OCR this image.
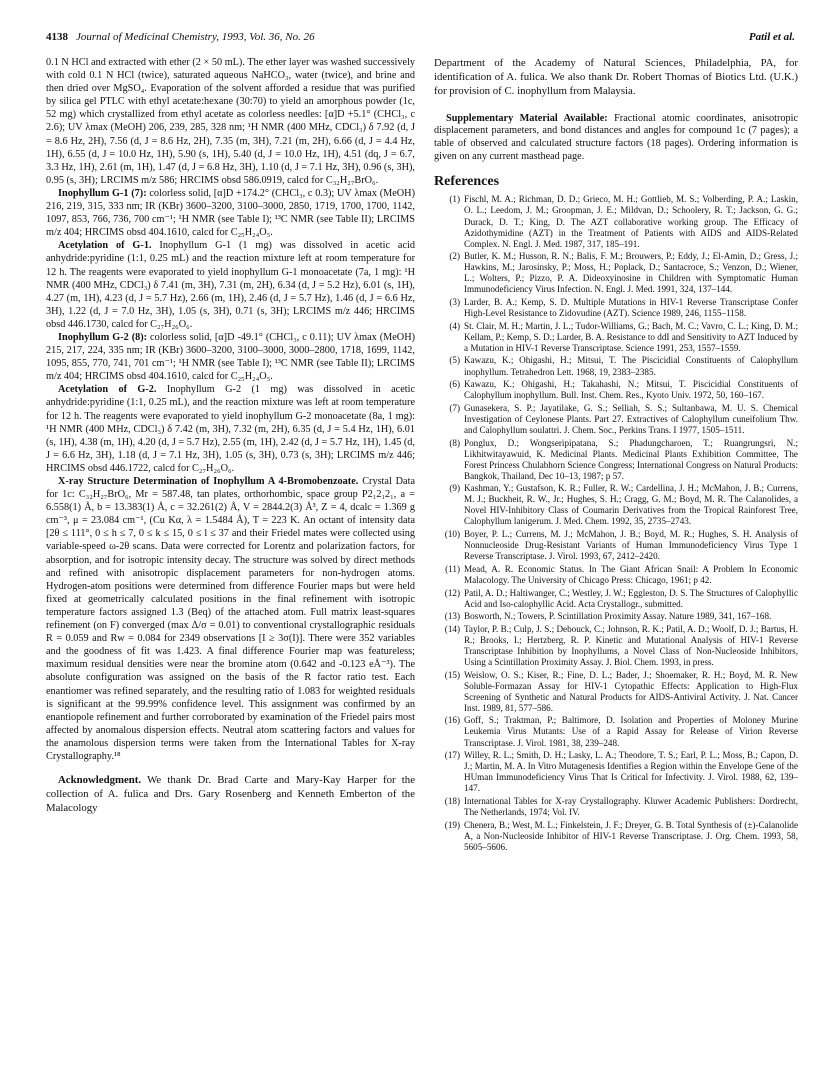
4138 Journal of Medicinal Chemistry, 1993, Vol. 36, No. 26	Patil et al.

0.1 N HCl and extracted with ether (2 × 50 mL). The ether layer was washed successively with cold 0.1 N HCl (twice), saturated aqueous NaHCO₃, water (twice), and brine and then dried over MgSO₄. Evaporation of the solvent afforded a residue that was purified by silica gel PTLC with ethyl acetate:hexane (30:70) to yield an amorphous powder (1c, 52 mg) which crystallized from ethyl acetate as colorless needles: [α]D +5.1° (CHCl₃, c 2.6); UV λmax (MeOH) 206, 239, 285, 328 nm; ¹H NMR (400 MHz, CDCl₃) δ 7.92 (d, J = 8.6 Hz, 2H), 7.56 (d, J = 8.6 Hz, 2H), 7.35 (m, 3H), 7.21 (m, 2H), 6.66 (d, J = 4.4 Hz, 1H), 6.55 (d, J = 10.0 Hz, 1H), 5.90 (s, 1H), 5.40 (d, J = 10.0 Hz, 1H), 4.51 (dq, J = 6.7, 3.3 Hz, 1H), 2.61 (m, 1H), 1.47 (d, J = 6.8 Hz, 3H), 1.10 (d, J = 7.1 Hz, 3H), 0.96 (s, 3H), 0.95 (s, 3H); LRCIMS m/z 586; HRCIMS obsd 586.0919, calcd for C₃₂H₂₇BrO₆.

Inophyllum G-1 (7): colorless solid, [α]D +174.2° (CHCl₃, c 0.3); UV λmax (MeOH) 216, 219, 315, 333 nm; IR (KBr) 3600–3200, 3100–3000, 2850, 1719, 1700, 1700, 1142, 1097, 853, 766, 736, 700 cm⁻¹; ¹H NMR (see Table I); ¹³C NMR (see Table II); LRCIMS m/z 404; HRCIMS obsd 404.1610, calcd for C₂₅H₂₄O₅.

Acetylation of G-1. Inophyllum G-1 (1 mg) was dissolved in acetic acid anhydride:pyridine (1:1, 0.25 mL) and the reaction mixture left at room temperature for 12 h. The reagents were evaporated to yield inophyllum G-1 monoacetate (7a, 1 mg): ¹H NMR (400 MHz, CDCl₃) δ 7.41 (m, 3H), 7.31 (m, 2H), 6.34 (d, J = 5.2 Hz), 6.01 (s, 1H), 4.27 (m, 1H), 4.23 (d, J = 5.7 Hz), 2.66 (m, 1H), 2.46 (d, J = 5.7 Hz), 1.46 (d, J = 6.6 Hz, 3H), 1.22 (d, J = 7.0 Hz, 3H), 1.05 (s, 3H), 0.71 (s, 3H); LRCIMS m/z 446; HRCIMS obsd 446.1730, calcd for C₂₇H₂₆O₆.

Inophyllum G-2 (8): colorless solid, [α]D -49.1° (CHCl₃, c 0.11); UV λmax (MeOH) 215, 217, 224, 335 nm; IR (KBr) 3600–3200, 3100–3000, 3000–2800, 1718, 1699, 1142, 1095, 855, 770, 741, 701 cm⁻¹; ¹H NMR (see Table I); ¹³C NMR (see Table II); LRCIMS m/z 404; HRCIMS obsd 404.1610, calcd for C₂₅H₂₄O₅.

Acetylation of G-2. Inophyllum G-2 (1 mg) was dissolved in acetic anhydride:pyridine (1:1, 0.25 mL), and the reaction mixture was left at room temperature for 12 h. The reagents were evaporated to yield inophyllum G-2 monoacetate (8a, 1 mg): ¹H NMR (400 MHz, CDCl₃) δ 7.42 (m, 3H), 7.32 (m, 2H), 6.35 (d, J = 5.4 Hz, 1H), 6.01 (s, 1H), 4.38 (m, 1H), 4.20 (d, J = 5.7 Hz), 2.55 (m, 1H), 2.42 (d, J = 5.7 Hz, 1H), 1.45 (d, J = 6.6 Hz, 3H), 1.18 (d, J = 7.1 Hz, 3H), 1.05 (s, 3H), 0.73 (s, 3H); LRCIMS m/z 446; HRCIMS obsd 446.1722, calcd for C₂₇H₂₆O₆.

X-ray Structure Determination of Inophyllum A 4-Bromobenzoate. Crystal Data for 1c: C₃₂H₂₇BrO₆, Mr = 587.48, tan plates, orthorhombic, space group P2₁2₁2₁, a = 6.558(1) Å, b = 13.383(1) Å, c = 32.261(2) Å, V = 2844.2(3) Å³, Z = 4, dcalc = 1.369 g cm⁻³, μ = 23.084 cm⁻¹, (Cu Kα, λ = 1.5484 Å), T = 223 K. An octant of intensity data [2θ ≤ 111°, 0 ≤ h ≤ 7, 0 ≤ k ≤ 15, 0 ≤ l ≤ 37 and their Friedel mates were collected using variable-speed ω-2θ scans. Data were corrected for Lorentz and polarization factors, for absorption, and for isotropic intensity decay. The structure was solved by direct methods and refined with anisotropic displacement parameters for non-hydrogen atoms. Hydrogen-atom positions were determined from difference Fourier maps but were held fixed at geometrically calculated positions in the final refinement with isotropic temperature factors assigned 1.3 (Beq) of the attached atom. Full matrix least-squares refinement (on F) converged (max Δ/σ = 0.01) to conventional crystallographic residuals R = 0.059 and Rw = 0.084 for 2349 observations [I ≥ 3σ(I)]. There were 352 variables and the goodness of fit was 1.423. A final difference Fourier map was featureless; maximum residual densities were near the bromine atom (0.642 and -0.123 eÅ⁻³). The absolute configuration was assigned on the basis of the R factor ratio test. Each enantiomer was refined separately, and the resulting ratio of 1.083 for weighted residuals is significant at the 99.99% confidence level. This assignment was confirmed by an enantiopole refinement and further corroborated by examination of the Friedel pairs most affected by anomalous dispersion effects. Neutral atom scattering factors and values for the anamolous dispersion terms were taken from the International Tables for X-ray Crystallography.¹⁸

Acknowledgment. We thank Dr. Brad Carte and Mary-Kay Harper for the collection of A. fulica and Drs. Gary Rosenberg and Kenneth Emberton of the Malacology

Department of the Academy of Natural Sciences, Philadelphia, PA, for identification of A. fulica. We also thank Dr. Robert Thomas of Biotics Ltd. (U.K.) for provision of C. inophyllum from Malaysia.

Supplementary Material Available: Fractional atomic coordinates, anisotropic displacement parameters, and bond distances and angles for compound 1c (7 pages); a table of observed and calculated structure factors (18 pages). Ordering information is given on any current masthead page.

References
(1) Fischl, M. A.; Richman, D. D.; Grieco, M. H.; Gottlieb, M. S.; Volberding, P. A.; Laskin, O. L.; Leedom, J. M.; Groopman, J. E.; Mildvan, D.; Schoolery, R. T.; Jackson, G. G.; Durack, D. T.; King, D. The AZT collaborative working group. The Efficacy of Azidothymidine (AZT) in the Treatment of Patients with AIDS and AIDS-Related Complex. N. Engl. J. Med. 1987, 317, 185–191.
(2) Butler, K. M.; Husson, R. N.; Balis, F. M.; Brouwers, P.; Eddy, J.; El-Amin, D.; Gress, J.; Hawkins, M.; Jarosinsky, P.; Moss, H.; Poplack, D.; Santacroce, S.; Venzon, D.; Wiener, L.; Wolters, P.; Pizzo, P. A. Dideoxyinosine in Children with Symptomatic Human Immunodeficiency Virus Infection. N. Engl. J. Med. 1991, 324, 137–144.
(3) Larder, B. A.; Kemp, S. D. Multiple Mutations in HIV-1 Reverse Transcriptase Confer High-Level Resistance to Zidovudine (AZT). Science 1989, 246, 1155–1158.
(4) St. Clair, M. H.; Martin, J. L.; Tudor-Williams, G.; Bach, M. C.; Vavro, C. L.; King, D. M.; Kellam, P.; Kemp, S. D.; Larder, B. A. Resistance to ddI and Sensitivity to AZT Induced by a Mutation in HIV-1 Reverse Transcriptase. Science 1991, 253, 1557–1559.
(5) Kawazu, K.; Ohigashi, H.; Mitsui, T. The Piscicidial Constituents of Calophyllum inophyllum. Tetrahedron Lett. 1968, 19, 2383–2385.
(6) Kawazu, K.; Ohigashi, H.; Takahashi, N.; Mitsui, T. Piscicidial Constituents of Calophyllum inophyllum. Bull. Inst. Chem. Res., Kyoto Univ. 1972, 50, 160–167.
(7) Gunasekera, S. P.; Jayatilake, G. S.; Selliah, S. S.; Sultanbawa, M. U. S. Chemical Investigation of Ceylonese Plants. Part 27. Extractives of Calophyllum cuneifolium Thw. and Calophyllum soulattri. J. Chem. Soc., Perkins Trans. I 1977, 1505–1511.
(8) Ponglux, D.; Wongseripipatana, S.; Phadungcharoen, T.; Ruangrungsri, N.; Likhitwitayawuid, K. Medicinal Plants. Medicinal Plants Exhibition Committee, The Forest Princess Chulabhorn Science Congress; International Congress on Natural Products: Bangkok, Thailand, Dec 10–13, 1987; p 57.
(9) Kashman, Y.; Gustafson, K. R.; Fuller, R. W.; Cardellina, J. H.; McMahon, J. B.; Currens, M. J.; Buckheit, R. W., Jr.; Hughes, S. H.; Cragg, G. M.; Boyd, M. R. The Calanolides, a Novel HIV-Inhibitory Class of Coumarin Derivatives from the Tropical Rainforest Tree, Calophyllum lanigerum. J. Med. Chem. 1992, 35, 2735–2743.
(10) Boyer, P. L.; Currens, M. J.; McMahon, J. B.; Boyd, M. R.; Hughes, S. H. Analysis of Nonnucleoside Drug-Resistant Variants of Human Immunodeficiency Virus Type 1 Reverse Transcriptase. J. Virol. 1993, 67, 2412–2420.
(11) Mead, A. R. Economic Status. In The Giant African Snail: A Problem In Economic Malacology. The University of Chicago Press: Chicago, 1961; p 42.
(12) Patil, A. D.; Haltiwanger, C.; Westley, J. W.; Eggleston, D. S. The Structures of Calophyllic Acid and Iso-calophyllic Acid. Acta Crystallogr., submitted.
(13) Bosworth, N.; Towers, P. Scintillation Proximity Assay. Nature 1989, 341, 167–168.
(14) Taylor, P. B.; Culp, J. S.; Debouck, C.; Johnson, R. K.; Patil, A. D.; Woolf, D. J.; Bartus, H. R.; Brooks, I.; Hertzberg, R. P. Kinetic and Mutational Analysis of HIV-1 Reverse Transcriptase Inhibition by Inophyllums, a Novel Class of Non-Nucleoside Inhibitors, Using a Scintillation Proximity Assay. J. Biol. Chem. 1993, in press.
(15) Weislow, O. S.; Kiser, R.; Fine, D. L.; Bader, J.; Shoemaker, R. H.; Boyd, M. R. New Soluble-Formazan Assay for HIV-1 Cytopathic Effects: Application to High-Flux Screening of Synthetic and Natural Products for AIDS-Antiviral Activity. J. Nat. Cancer Inst. 1989, 81, 577–586.
(16) Goff, S.; Traktman, P.; Baltimore, D. Isolation and Properties of Moloney Murine Leukemia Virus Mutants: Use of a Rapid Assay for Release of Virion Reverse Transcriptase. J. Virol. 1981, 38, 239–248.
(17) Willey, R. L.; Smith, D. H.; Lasky, L. A.; Theodore, T. S.; Earl, P. L.; Moss, B.; Capon, D. J.; Martin, M. A. In Vitro Mutagenesis Identifies a Region within the Envelope Gene of the HUman Immunodeficiency Virus That Is Critical for Infectivity. J. Virol. 1988, 62, 139–147.
(18) International Tables for X-ray Crystallography. Kluwer Academic Publishers: Dordrecht, The Netherlands, 1974; Vol. IV.
(19) Chenera, B.; West, M. L.; Finkelstein, J. F.; Dreyer, G. B. Total Synthesis of (±)-Calanolide A, a Non-Nucleoside Inhibitor of HIV-1 Reverse Transcriptase. J. Org. Chem. 1993, 58, 5605–5606.
